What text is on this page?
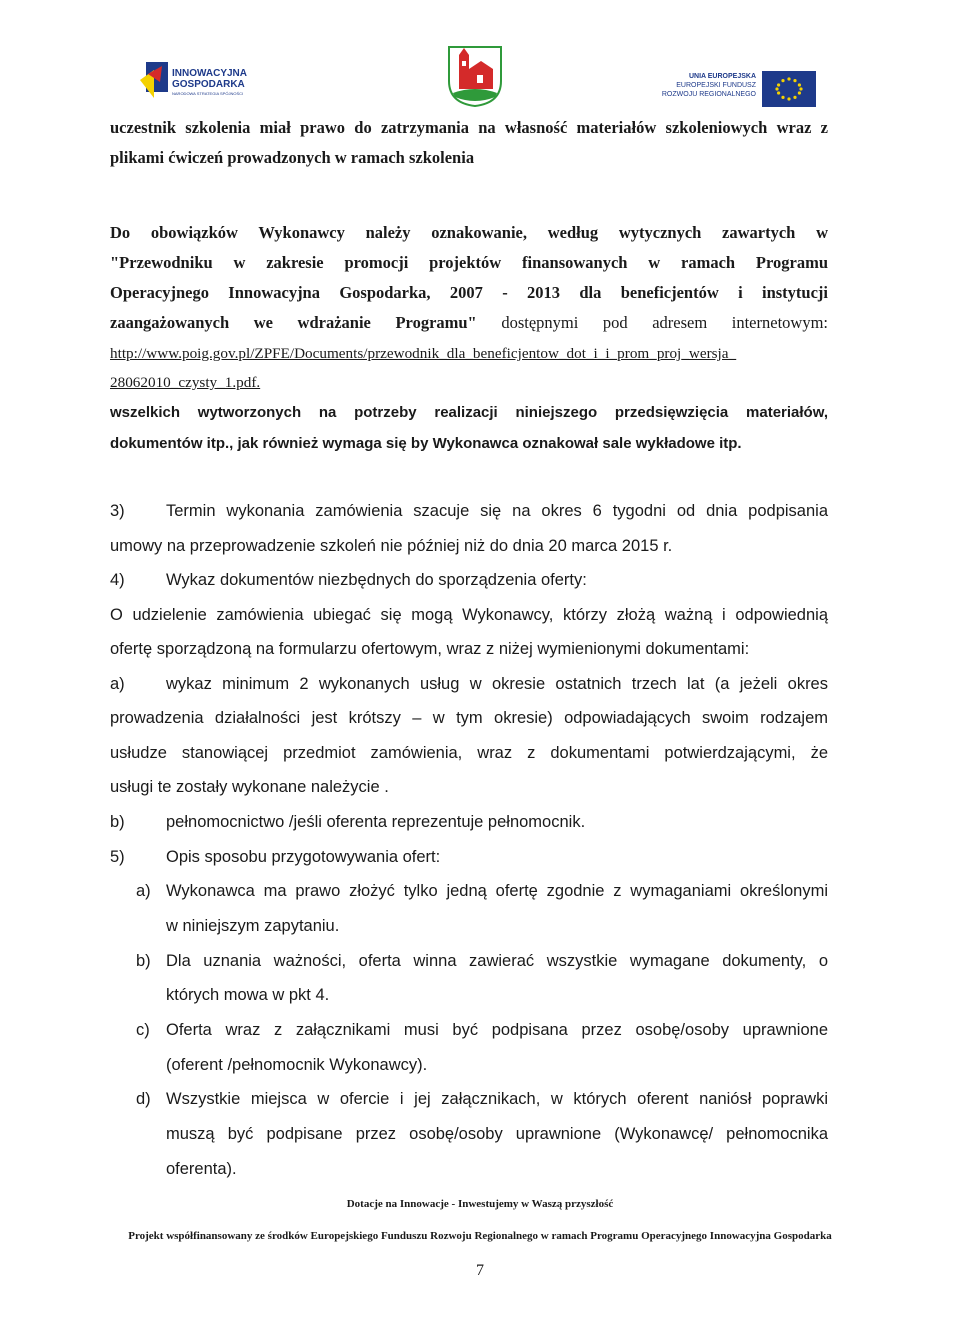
INNOWACYJNA
GOSPODARKA
NARODOWA STRATEGIA SPÓJNOŚCI
UNIA EUROPEJSKA
EUROPEJSKI FUNDUSZ
ROZWOJU REGIONALNEGO
uczestnik szkolenia miał prawo do zatrzymania na własność materiałów szkoleniowych wraz z
plikami ćwiczeń prowadzonych w ramach szkolenia
Do obowiązków Wykonawcy należy oznakowanie, według wytycznych zawartych w
"Przewodniku w zakresie promocji projektów finansowanych w ramach Programu
Operacyjnego Innowacyjna Gospodarka, 2007 - 2013 dla beneficjentów i instytucji
zaangażowanych we wdrażanie Programu" dostępnymi pod adresem internetowym:
http://www.poig.gov.pl/ZPFE/Documents/przewodnik_dla_beneficjentow_dot_i_i_prom_proj_wersja_
28062010_czysty_1.pdf.
wszelkich wytworzonych na potrzeby realizacji niniejszego przedsięwzięcia materiałów,
dokumentów itp., jak również wymaga się by Wykonawca oznakował sale wykładowe itp.
3)	Termin wykonania zamówienia szacuje się na okres 6 tygodni od dnia podpisania
umowy na przeprowadzenie szkoleń nie później niż do dnia 20 marca 2015 r.
4)	Wykaz dokumentów niezbędnych do sporządzenia oferty:
O udzielenie zamówienia ubiegać się mogą Wykonawcy, którzy złożą ważną i odpowiednią
ofertę sporządzoną na formularzu ofertowym, wraz z niżej wymienionymi dokumentami:
a)	wykaz minimum 2 wykonanych usług w okresie ostatnich trzech lat (a jeżeli okres
prowadzenia działalności jest krótszy – w tym okresie) odpowiadających swoim rodzajem
usłudze stanowiącej przedmiot zamówienia, wraz z dokumentami potwierdzającymi, że
usługi te zostały wykonane należycie .
b)	pełnomocnictwo /jeśli oferenta reprezentuje pełnomocnik.
5)	Opis sposobu przygotowywania ofert:
a) Wykonawca ma prawo złożyć tylko jedną ofertę zgodnie z wymaganiami określonymi
w niniejszym zapytaniu.
b) Dla uznania ważności, oferta winna zawierać wszystkie wymagane dokumenty, o
których mowa w pkt 4.
c) Oferta wraz z załącznikami musi być podpisana przez osobę/osoby uprawnione
(oferent /pełnomocnik Wykonawcy).
d) Wszystkie miejsca w ofercie i jej załącznikach, w których oferent naniósł poprawki
muszą być podpisane przez osobę/osoby uprawnione (Wykonawcę/ pełnomocnika
oferenta).
Dotacje na Innowacje - Inwestujemy w Waszą przyszłość
Projekt współfinansowany ze środków Europejskiego Funduszu Rozwoju Regionalnego w ramach Programu Operacyjnego Innowacyjna Gospodarka
7
